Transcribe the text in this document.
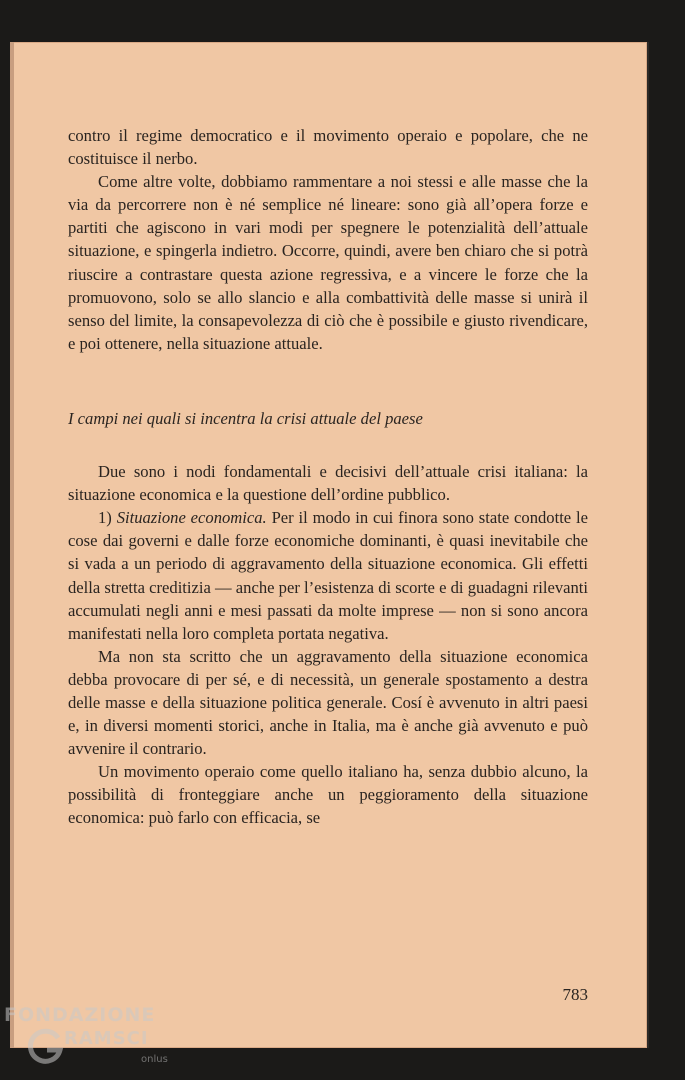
contro il regime democratico e il movimento operaio e popolare, che ne costituisce il nerbo.

Come altre volte, dobbiamo rammentare a noi stessi e alle masse che la via da percorrere non è né semplice né lineare: sono già all’opera forze e partiti che agiscono in vari modi per spegnere le potenzialità dell’attuale situazione, e spingerla indietro. Occorre, quindi, avere ben chiaro che si potrà riuscire a contrastare questa azione regressiva, e a vincere le forze che la promuovono, solo se allo slancio e alla combattività delle masse si unirà il senso del limite, la consapevolezza di ciò che è possibile e giusto rivendicare, e poi ottenere, nella situazione attuale.

I campi nei quali si incentra la crisi attuale del paese

Due sono i nodi fondamentali e decisivi dell’attuale crisi italiana: la situazione economica e la questione dell’ordine pubblico.

1) Situazione economica. Per il modo in cui finora sono state condotte le cose dai governi e dalle forze economiche dominanti, è quasi inevitabile che si vada a un periodo di aggravamento della situazione economica. Gli effetti della stretta creditizia — anche per l’esistenza di scorte e di guadagni rilevanti accumulati negli anni e mesi passati da molte imprese — non si sono ancora manifestati nella loro completa portata negativa.

Ma non sta scritto che un aggravamento della situazione economica debba provocare di per sé, e di necessità, un generale spostamento a destra delle masse e della situazione politica generale. Cosí è avvenuto in altri paesi e, in diversi momenti storici, anche in Italia, ma è anche già avvenuto e può avvenire il contrario.

Un movimento operaio come quello italiano ha, senza dubbio alcuno, la possibilità di fronteggiare anche un peggioramento della situazione economica: può farlo con efficacia, se

783
FONDAZIONE
RAMSCI
onlus
